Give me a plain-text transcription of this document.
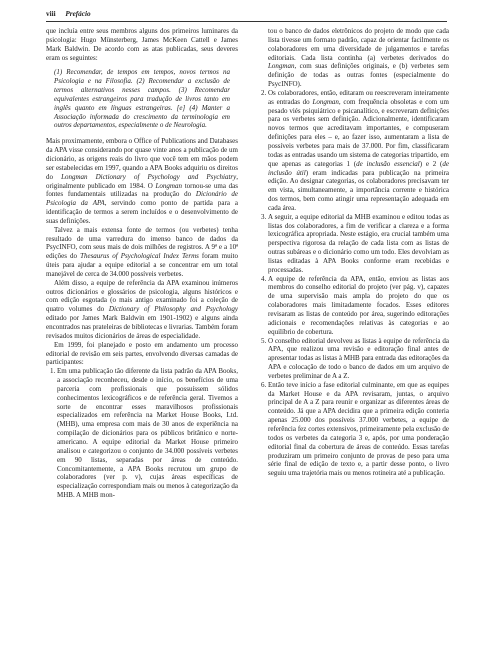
viii Prefácio

que incluía entre seus membros alguns dos primeiros luminares da psicologia: Hugo Münsterberg, James McKeen Cattell e James Mark Baldwin. De acordo com as atas publicadas, seus deveres eram os seguintes:

(1) Recomendar, de tempos em tempos, novos termos na Psicologia e na Filosofia. (2) Recomendar a exclusão de termos alternativos nesses campos. (3) Recomendar equivalentes estrangeiros para tradução de livros tanto em inglês quanto em línguas estrangeiras. [e] (4) Manter a Associação informada do crescimento da terminologia em outros departamentos, especialmente o de Neurologia.

Mais proximamente, embora o Office of Publications and Databases da APA visse considerando por quase vinte anos a publicação de um dicionário, as origens reais do livro que você tem em mãos podem ser estabelecidas em 1997, quando a APA Books adquiriu os direitos do Longman Dictionary of Psychology and Psychiatry, originalmente publicado em 1984. O Longman tornou-se uma das fontes fundamentais utilizadas na produção do Dicionário de Psicologia da APA, servindo como ponto de partida para a identificação de termos a serem incluídos e o desenvolvimento de suas definições.

Talvez a mais extensa fonte de termos (ou verbetes) tenha resultado de uma varredura do imenso banco de dados da PsycINFO, com seus mais de dois milhões de registros. A 9ª e a 10ª edições do Thesaurus of Psychological Index Terms foram muito úteis para ajudar a equipe editorial a se concentrar em um total manejável de cerca de 34.000 possíveis verbetes.

Além disso, a equipe de referência da APA examinou inúmeros outros dicionários e glossários de psicologia, alguns históricos e com edição esgotada (o mais antigo examinado foi a coleção de quatro volumes do Dictionary of Philosophy and Psychology editado por James Mark Baldwin em 1901-1902) e alguns ainda encontrados nas prateleiras de bibliotecas e livrarias. Também foram revisados muitos dicionários de áreas de especialidade.

Em 1999, foi planejado e posto em andamento um processo editorial de revisão em seis partes, envolvendo diversas camadas de participantes:

1. Em uma publicação tão diferente da lista padrão da APA Books, a associação reconheceu, desde o início, os benefícios de uma parceria com profissionais que possuíssem sólidos conhecimentos lexicográficos e de referência geral. Tivemos a sorte de encontrar esses maravilhosos profissionais especializados em referência na Market House Books, Ltd. (MHB), uma empresa com mais de 30 anos de experiência na compilação de dicionários para os públicos britânico e norte-americano. A equipe editorial da Market House primeiro analisou e categorizou o conjunto de 34.000 possíveis verbetes em 90 listas, separadas por áreas de conteúdo. Concomitantemente, a APA Books recrutou um grupo de colaboradores (ver p. v), cujas áreas específicas de especialização correspondiam mais ou menos à categorização da MHB. A MHB mon-

tou o banco de dados eletrônicos do projeto de modo que cada lista tivesse um formato padrão, capaz de orientar facilmente os colaboradores em uma diversidade de julgamentos e tarefas editoriais. Cada lista continha (a) verbetes derivados do Longman, com suas definições originais, e (b) verbetes sem definição de todas as outras fontes (especialmente do PsycINFO).

2. Os colaboradores, então, editaram ou reescreveram inteiramente as entradas do Longman, com frequência obsoletas e com um pesado viés psiquiátrico e psicanalítico, e escreveram definições para os verbetes sem definição. Adicionalmente, identificaram novos termos que acreditavam importantes, e compuseram definições para eles – e, ao fazer isso, aumentaram a lista de possíveis verbetes para mais de 37.000. Por fim, classificaram todas as entradas usando um sistema de categorias tripartido, em que apenas as categorias 1 (de inclusão essencial) e 2 (de inclusão útil) eram indicadas para publicação na primeira edição. Ao designar categorias, os colaboradores precisavam ter em vista, simultaneamente, a importância corrente e histórica dos termos, bem como atingir uma representação adequada em cada área.
3. A seguir, a equipe editorial da MHB examinou e editou todas as listas dos colaboradores, a fim de verificar a clareza e a forma lexicográfica apropriada. Neste estágio, era crucial também uma perspectiva rigorosa da relação de cada lista com as listas de outras subáreas e o dicionário como um todo. Eles devolviam as listas editadas à APA Books conforme eram recebidas e processadas.
4. A equipe de referência da APA, então, enviou as listas aos membros do conselho editorial do projeto (ver pág. v), capazes de uma supervisão mais ampla do projeto do que os colaboradores mais limitadamente focados. Esses editores revisaram as listas de conteúdo por área, sugerindo editorações adicionais e recomendações relativas às categorias e ao equilíbrio de cobertura.
5. O conselho editorial devolveu as listas à equipe de referência da APA, que realizou uma revisão e editoração final antes de apresentar todas as listas à MHB para entrada das editorações da APA e colocação de todo o banco de dados em um arquivo de verbetes preliminar de A a Z.
6. Então teve início a fase editorial culminante, em que as equipes da Market House e da APA revisaram, juntas, o arquivo principal de A a Z para reunir e organizar as diferentes áreas de conteúdo. Já que a APA decidira que a primeira edição conteria apenas 25.000 dos possíveis 37.000 verbetes, a equipe de referência fez cortes extensivos, primeiramente pela exclusão de todos os verbetes da categoria 3 e, após, por uma ponderação editorial final da cobertura de áreas de conteúdo. Essas tarefas produziram um primeiro conjunto de provas de peso para uma série final de edição de texto e, a partir desse ponto, o livro seguiu uma trajetória mais ou menos rotineira até a publicação.
